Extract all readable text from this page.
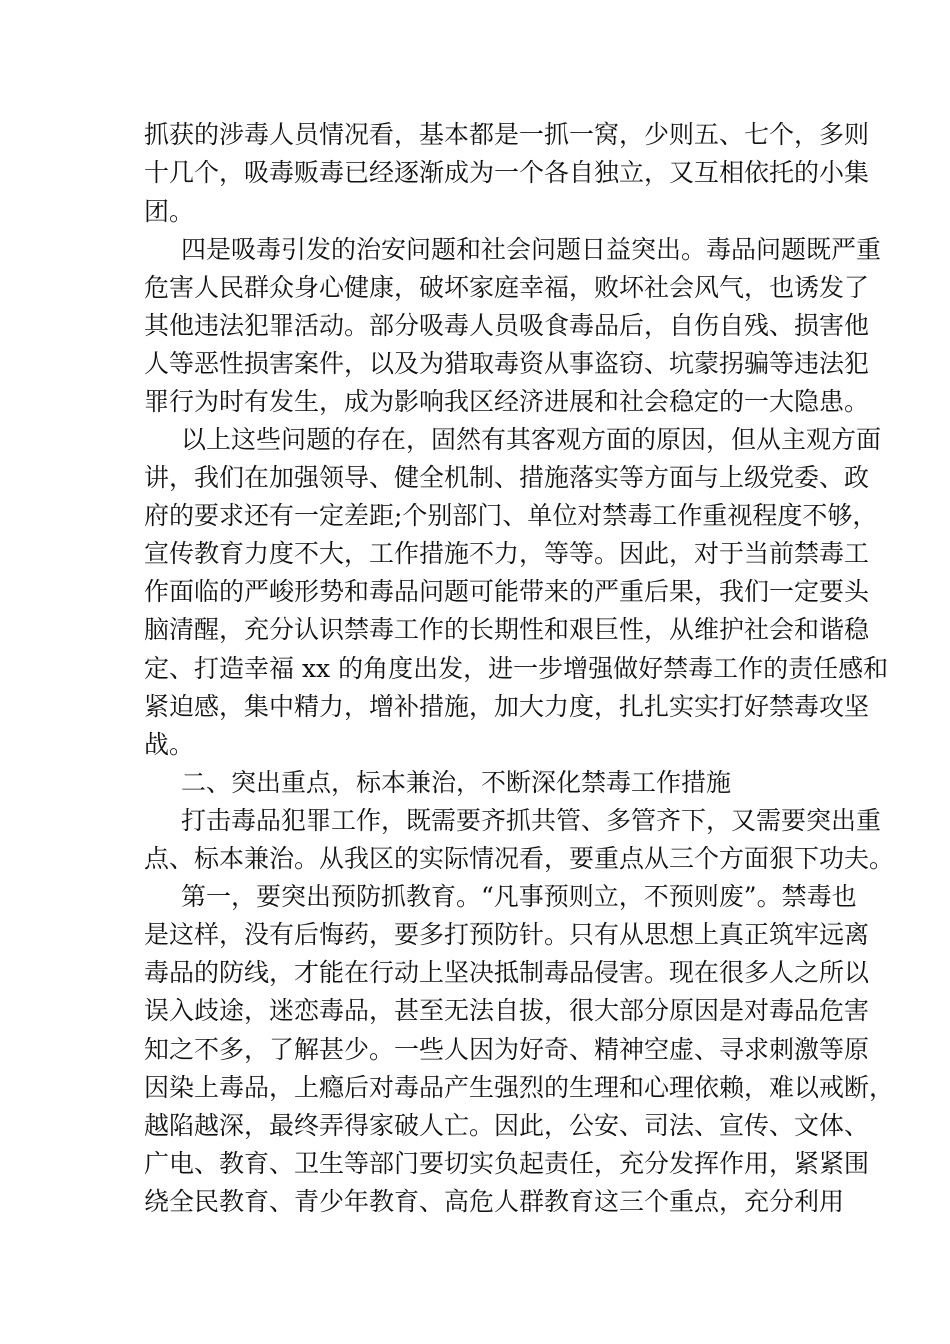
抓获的涉毒人员情况看，基本都是一抓一窝，少则五、七个，多则
十几个，吸毒贩毒已经逐渐成为一个各自独立，又互相依托的小集
团。
四是吸毒引发的治安问题和社会问题日益突出。毒品问题既严重
危害人民群众身心健康，破坏家庭幸福，败坏社会风气，也诱发了
其他违法犯罪活动。部分吸毒人员吸食毒品后，自伤自残、损害他
人等恶性损害案件，以及为猎取毒资从事盗窃、坑蒙拐骗等违法犯
罪行为时有发生，成为影响我区经济进展和社会稳定的一大隐患。
以上这些问题的存在，固然有其客观方面的原因，但从主观方面
讲，我们在加强领导、健全机制、措施落实等方面与上级党委、政
府的要求还有一定差距;个别部门、单位对禁毒工作重视程度不够，
宣传教育力度不大，工作措施不力，等等。因此，对于当前禁毒工
作面临的严峻形势和毒品问题可能带来的严重后果，我们一定要头
脑清醒，充分认识禁毒工作的长期性和艰巨性，从维护社会和谐稳
定、打造幸福 xx 的角度出发，进一步增强做好禁毒工作的责任感和
紧迫感，集中精力，增补措施，加大力度，扎扎实实打好禁毒攻坚
战。
二、突出重点，标本兼治，不断深化禁毒工作措施
打击毒品犯罪工作，既需要齐抓共管、多管齐下，又需要突出重
点、标本兼治。从我区的实际情况看，要重点从三个方面狠下功夫。
第一，要突出预防抓教育。“凡事预则立，不预则废”。禁毒也
是这样，没有后悔药，要多打预防针。只有从思想上真正筑牢远离
毒品的防线，才能在行动上坚决抵制毒品侵害。现在很多人之所以
误入歧途，迷恋毒品，甚至无法自拔，很大部分原因是对毒品危害
知之不多，了解甚少。一些人因为好奇、精神空虚、寻求刺激等原
因染上毒品，上瘾后对毒品产生强烈的生理和心理依赖，难以戒断，
越陷越深，最终弄得家破人亡。因此，公安、司法、宣传、文体、
广电、教育、卫生等部门要切实负起责任，充分发挥作用，紧紧围
绕全民教育、青少年教育、高危人群教育这三个重点，充分利用
